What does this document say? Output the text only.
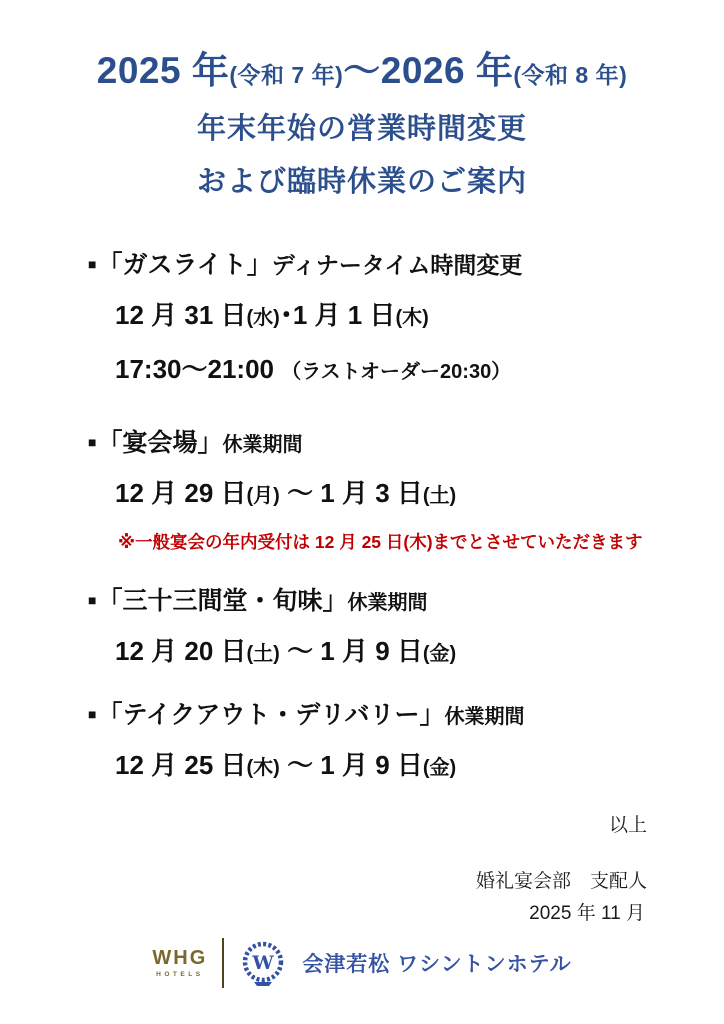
2025 年(令和 7 年)～2026 年(令和 8 年)
年末年始の営業時間変更
および臨時休業のご案内
■「ガスライト」ディナータイム時間変更
12 月 31 日(水)･1 月 1 日(木)
17:30～21:00 （ラストオーダー20:30）
■「宴会場」休業期間
12 月 29 日(月) ～ 1 月 3 日(土)
※一般宴会の年内受付は 12 月 25 日(木)までとさせていただきます
■「三十三間堂・旬味」休業期間
12 月 20 日(土) ～ 1 月 9 日(金)
■「テイクアウト・デリバリー」休業期間
12 月 25 日(木) ～ 1 月 9 日(金)
以上
婚礼宴会部　支配人
2025 年 11 月
WHG
HOTELS
W 会津若松 ワシントンホテル
